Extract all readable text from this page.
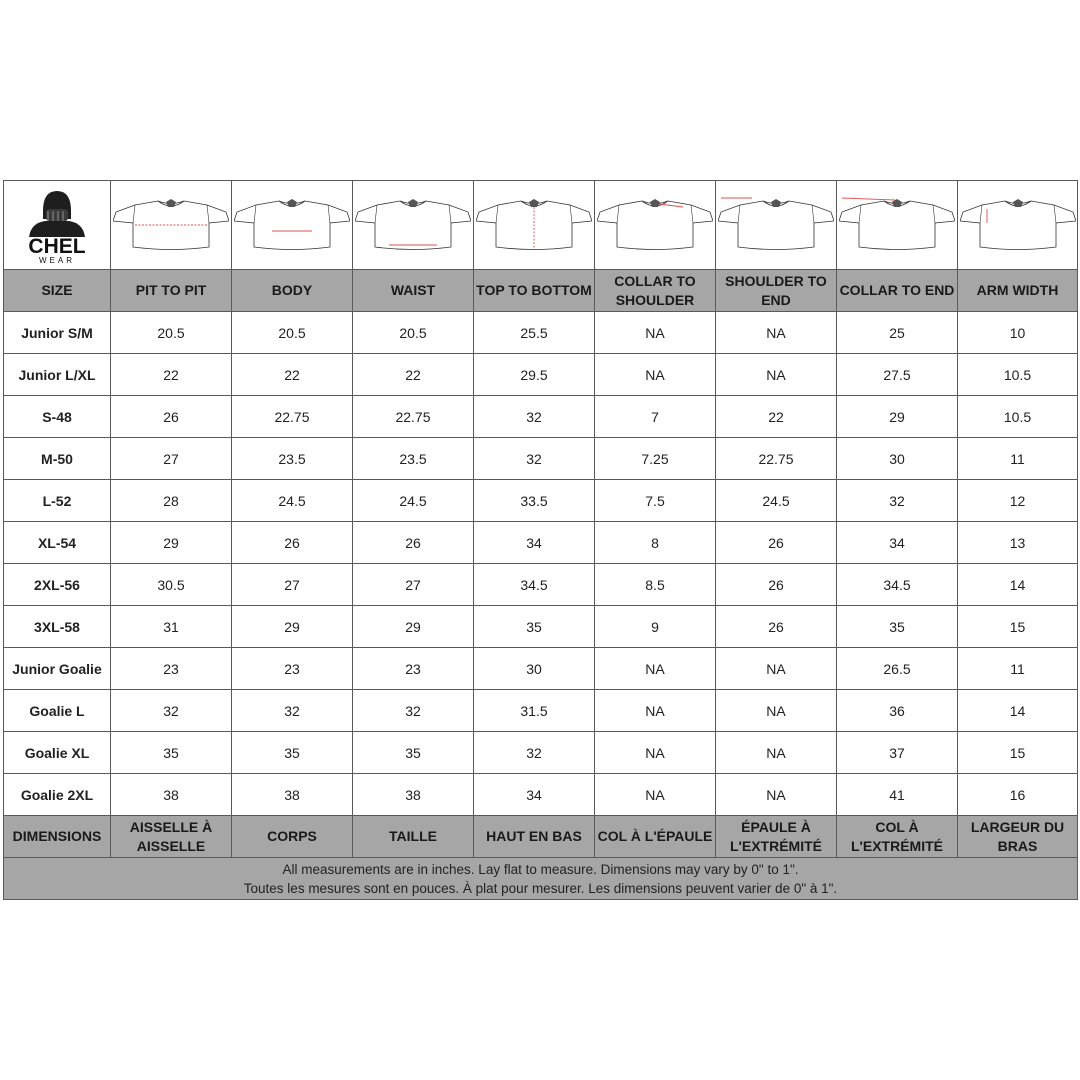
CHEL
WEAR

SIZE	PIT TO PIT	BODY	WAIST	TOP TO BOTTOM	COLLAR TO SHOULDER	SHOULDER TO END	COLLAR TO END	ARM WIDTH
Junior S/M	20.5	20.5	20.5	25.5	NA	NA	25	10
Junior L/XL	22	22	22	29.5	NA	NA	27.5	10.5
S-48	26	22.75	22.75	32	7	22	29	10.5
M-50	27	23.5	23.5	32	7.25	22.75	30	11
L-52	28	24.5	24.5	33.5	7.5	24.5	32	12
XL-54	29	26	26	34	8	26	34	13
2XL-56	30.5	27	27	34.5	8.5	26	34.5	14
3XL-58	31	29	29	35	9	26	35	15
Junior Goalie	23	23	23	30	NA	NA	26.5	11
Goalie L	32	32	32	31.5	NA	NA	36	14
Goalie XL	35	35	35	32	NA	NA	37	15
Goalie 2XL	38	38	38	34	NA	NA	41	16
DIMENSIONS	AISSELLE À AISSELLE	CORPS	TAILLE	HAUT EN BAS	COL À L'ÉPAULE	ÉPAULE À L'EXTRÉMITÉ	COL À L'EXTRÉMITÉ	LARGEUR DU BRAS

All measurements are in inches. Lay flat to measure. Dimensions may vary by 0" to 1".
Toutes les mesures sont en pouces. À plat pour mesurer. Les dimensions peuvent varier de 0" à 1".								
